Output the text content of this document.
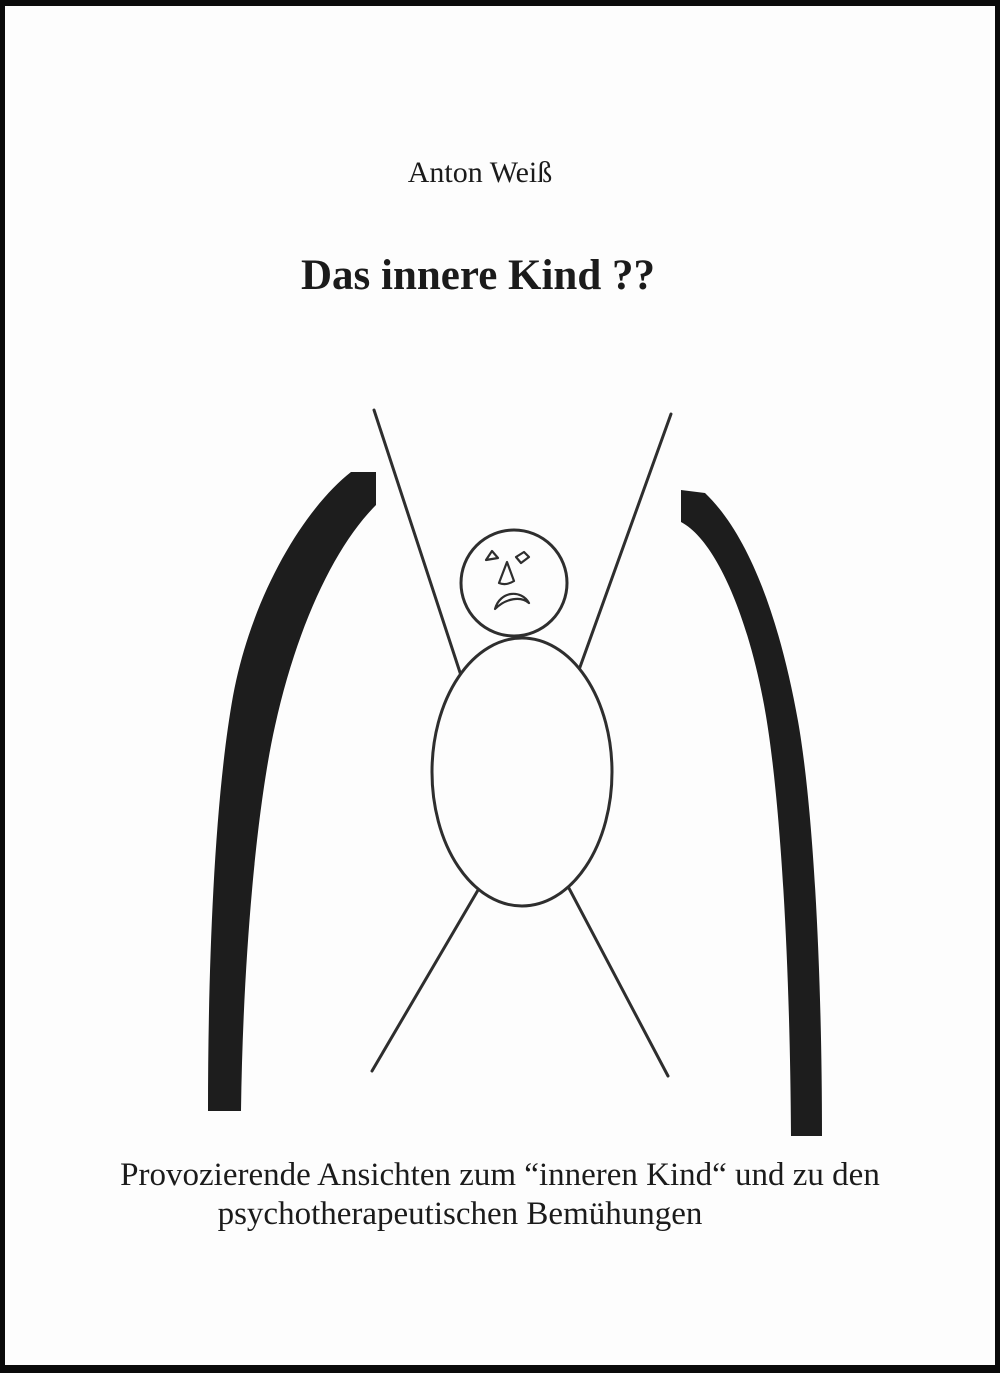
Anton Weiß
Das innere Kind ??
Provozierende Ansichten zum “inneren Kind“ und zu den
psychotherapeutischen Bemühungen
